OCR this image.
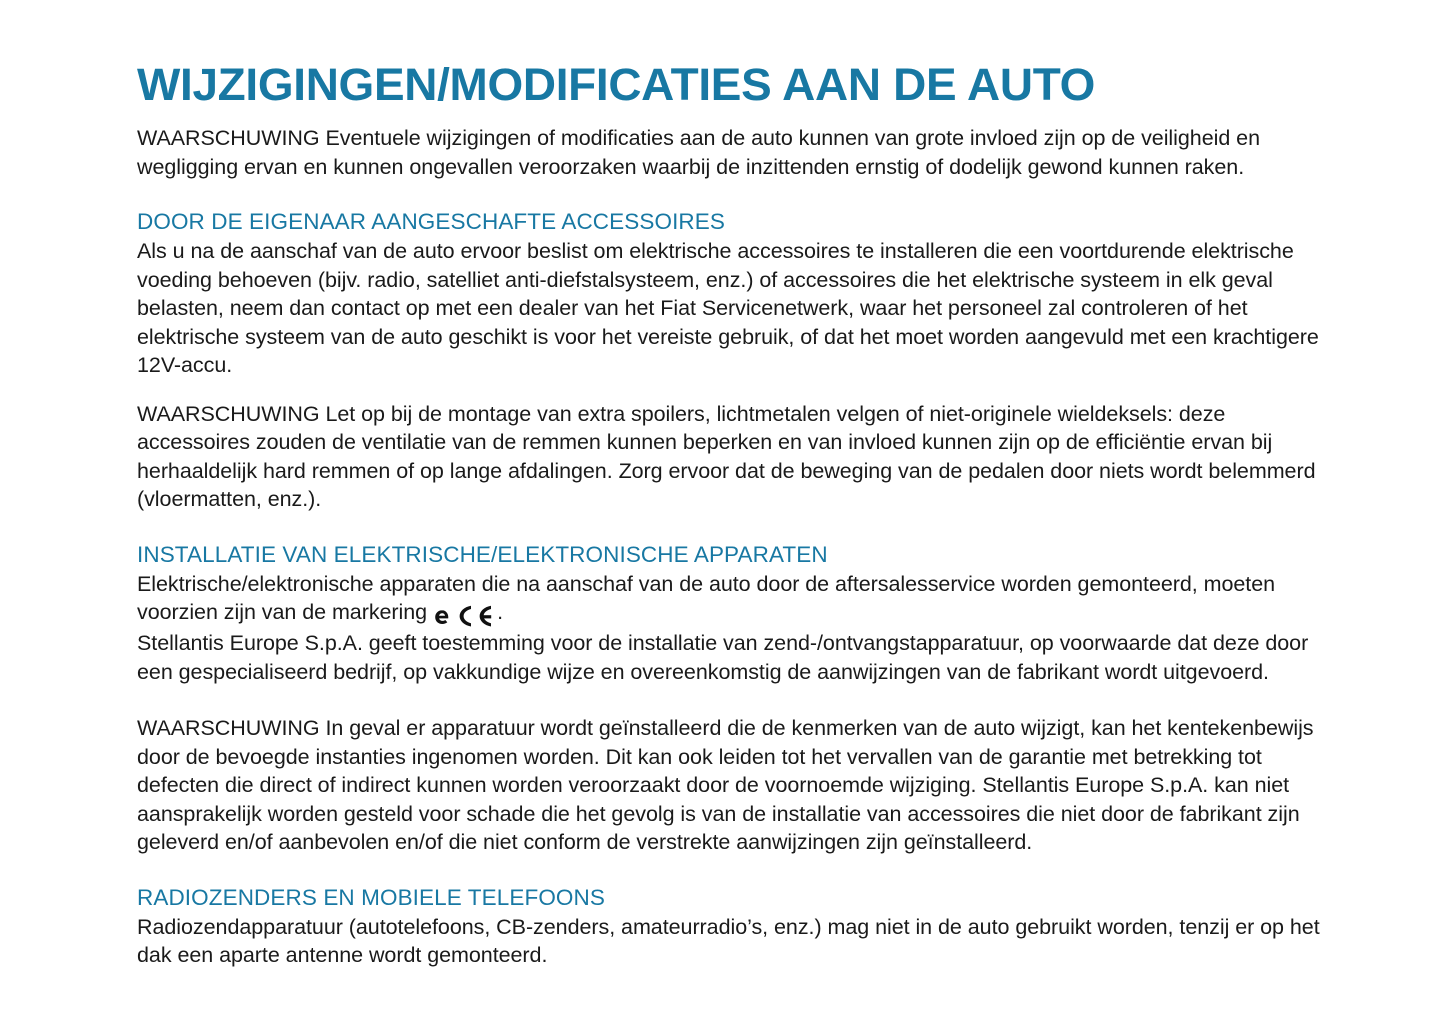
WIJZIGINGEN/MODIFICATIES AAN DE AUTO

WAARSCHUWING Eventuele wijzigingen of modificaties aan de auto kunnen van grote invloed zijn op de veiligheid en wegligging ervan en kunnen ongevallen veroorzaken waarbij de inzittenden ernstig of dodelijk gewond kunnen raken.

DOOR DE EIGENAAR AANGESCHAFTE ACCESSOIRES

Als u na de aanschaf van de auto ervoor beslist om elektrische accessoires te installeren die een voortdurende elektrische voeding behoeven (bijv. radio, satelliet anti-diefstalsysteem, enz.) of accessoires die het elektrische systeem in elk geval belasten, neem dan contact op met een dealer van het Fiat Servicenetwerk, waar het personeel zal controleren of het elektrische systeem van de auto geschikt is voor het vereiste gebruik, of dat het moet worden aangevuld met een krachtigere 12V-accu.

WAARSCHUWING Let op bij de montage van extra spoilers, lichtmetalen velgen of niet-originele wieldeksels: deze accessoires zouden de ventilatie van de remmen kunnen beperken en van invloed kunnen zijn op de efficiëntie ervan bij herhaaldelijk hard remmen of op lange afdalingen. Zorg ervoor dat de beweging van de pedalen door niets wordt belemmerd (vloermatten, enz.).

INSTALLATIE VAN ELEKTRISCHE/ELEKTRONISCHE APPARATEN

Elektrische/elektronische apparaten die na aanschaf van de auto door de aftersalesservice worden gemonteerd, moeten voorzien zijn van de markering	.

Stellantis Europe S.p.A. geeft toestemming voor de installatie van zend-/ontvangstapparatuur, op voorwaarde dat deze door een gespecialiseerd bedrijf, op vakkundige wijze en overeenkomstig de aanwijzingen van de fabrikant wordt uitgevoerd.

WAARSCHUWING In geval er apparatuur wordt geïnstalleerd die de kenmerken van de auto wijzigt, kan het kentekenbewijs door de bevoegde instanties ingenomen worden. Dit kan ook leiden tot het vervallen van de garantie met betrekking tot defecten die direct of indirect kunnen worden veroorzaakt door de voornoemde wijziging. Stellantis Europe S.p.A. kan niet aansprakelijk worden gesteld voor schade die het gevolg is van de installatie van accessoires die niet door de fabrikant zijn geleverd en/of aanbevolen en/of die niet conform de verstrekte aanwijzingen zijn geïnstalleerd.

RADIOZENDERS EN MOBIELE TELEFOONS

Radiozendapparatuur (autotelefoons, CB-zenders, amateurradio’s, enz.) mag niet in de auto gebruikt worden, tenzij er op het dak een aparte antenne wordt gemonteerd.
